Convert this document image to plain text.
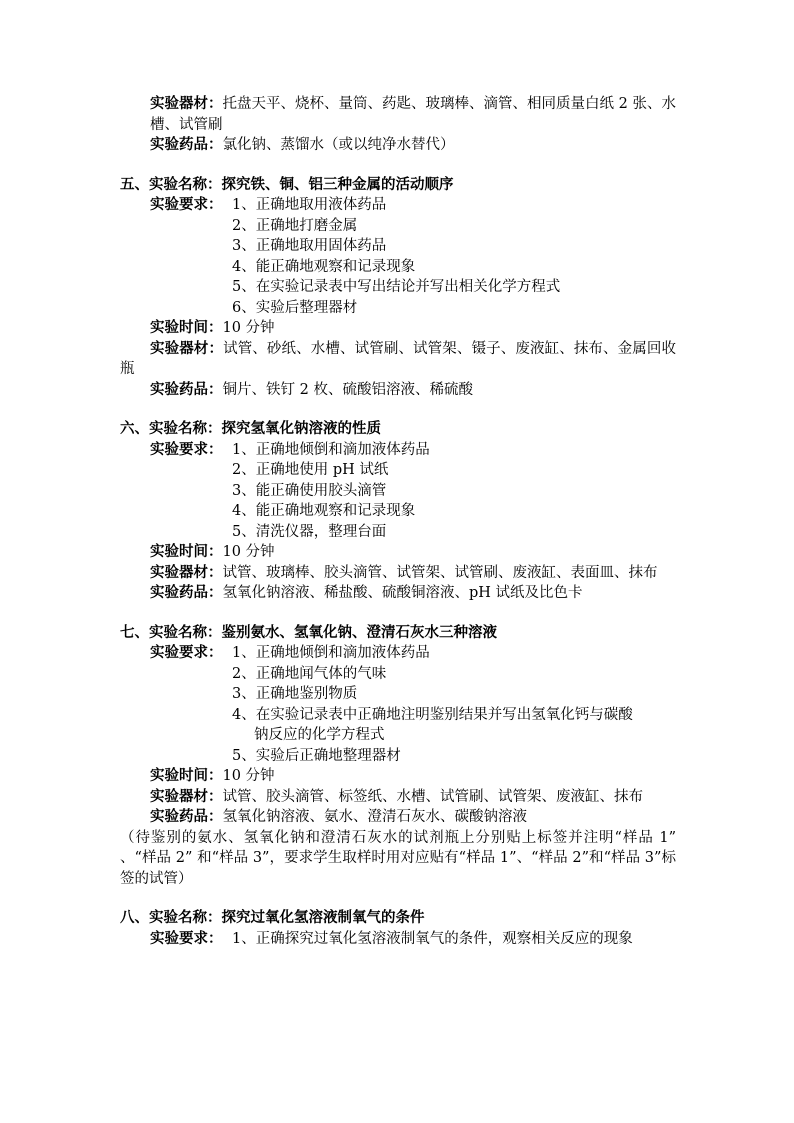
实验器材：托盘天平、烧杯、量筒、药匙、玻璃棒、滴管、相同质量白纸 2 张、水槽、试管刷

实验药品：氯化钠、蒸馏水（或以纯净水替代）

五、实验名称：探究铁、铜、铝三种金属的活动顺序

实验要求： 1、正确地取用液体药品
2、正确地打磨金属
3、正确地取用固体药品
4、能正确地观察和记录现象
5、在实验记录表中写出结论并写出相关化学方程式
6、实验后整理器材

实验时间：10 分钟

实验器材：试管、砂纸、水槽、试管刷、试管架、镊子、废液缸、抹布、金属回收瓶

实验药品：铜片、铁钉 2 枚、硫酸铝溶液、稀硫酸

六、实验名称：探究氢氧化钠溶液的性质

实验要求： 1、正确地倾倒和滴加液体药品
2、正确地使用 pH 试纸
3、能正确使用胶头滴管
4、能正确地观察和记录现象
5、清洗仪器，整理台面

实验时间：10 分钟

实验器材：试管、玻璃棒、胶头滴管、试管架、试管刷、废液缸、表面皿、抹布

实验药品：氢氧化钠溶液、稀盐酸、硫酸铜溶液、pH 试纸及比色卡

七、实验名称：鉴别氨水、氢氧化钠、澄清石灰水三种溶液

实验要求： 1、正确地倾倒和滴加液体药品
2、正确地闻气体的气味
3、正确地鉴别物质
4、在实验记录表中正确地注明鉴别结果并写出氢氧化钙与碳酸
钠反应的化学方程式
5、实验后正确地整理器材

实验时间：10 分钟

实验器材：试管、胶头滴管、标签纸、水槽、试管刷、试管架、废液缸、抹布

实验药品：氢氧化钠溶液、氨水、澄清石灰水、碳酸钠溶液

（待鉴别的氨水、氢氧化钠和澄清石灰水的试剂瓶上分别贴上标签并注明“样品 1” 、“样品 2” 和“样品 3”，要求学生取样时用对应贴有“样品 1”、“样品 2”和“样品 3”标签的试管）

八、实验名称：探究过氧化氢溶液制氧气的条件

实验要求： 1、正确探究过氧化氢溶液制氧气的条件，观察相关反应的现象
